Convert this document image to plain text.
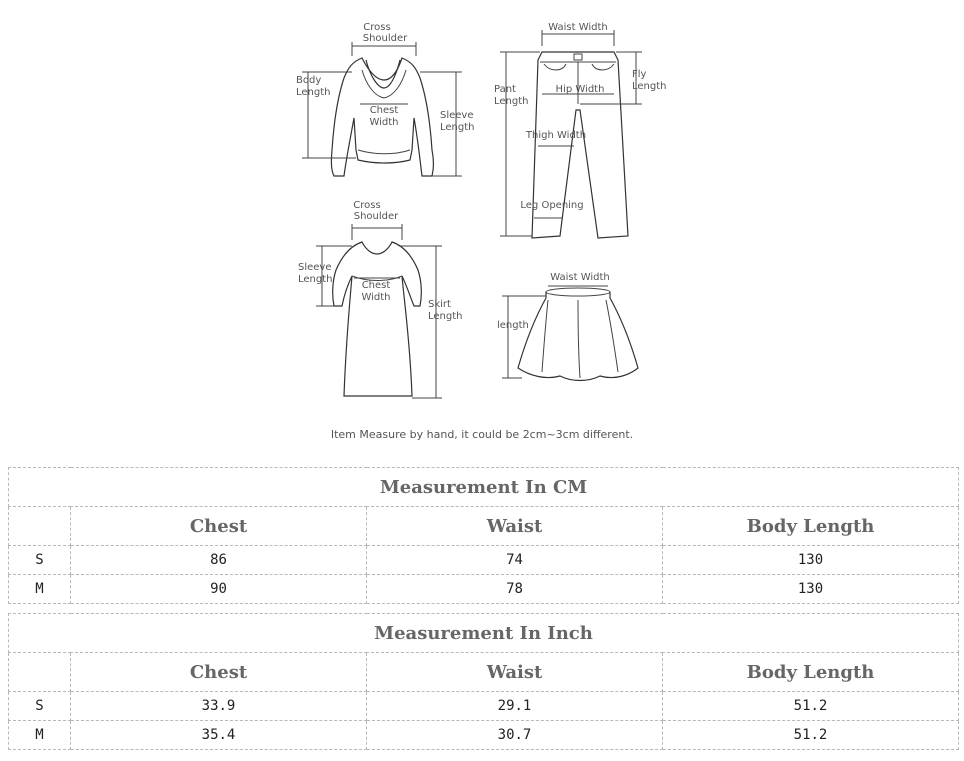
Cross Shoulder
Body Length
Chest Width
Sleeve Length
Waist Width
Pant Length
Fly Length
Hip Width
Thigh Width
Leg Opening
Cross Shoulder
Sleeve Length
Chest Width
Skirt Length
Waist Width
length
Item Measure by hand, it could be 2cm~3cm different.
Measurement In CM			
	Chest	Waist	Body Length
S	86	74	130
M	90	78	130
Measurement In Inch			
	Chest	Waist	Body Length
S	33.9	29.1	51.2
M	35.4	30.7	51.2
